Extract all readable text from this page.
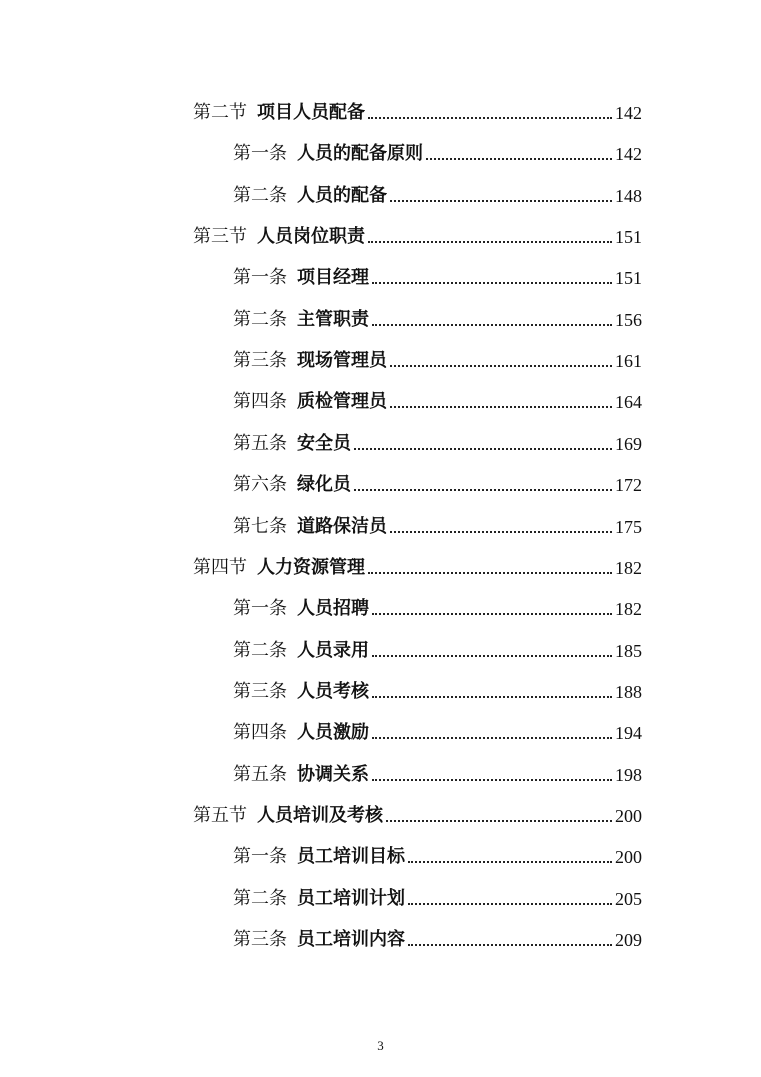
第二节 项目人员配备	142
第一条 人员的配备原则	142
第二条 人员的配备	148
第三节 人员岗位职责	151
第一条 项目经理	151
第二条 主管职责	156
第三条 现场管理员	161
第四条 质检管理员	164
第五条 安全员	169
第六条 绿化员	172
第七条 道路保洁员	175
第四节 人力资源管理	182
第一条 人员招聘	182
第二条 人员录用	185
第三条 人员考核	188
第四条 人员激励	194
第五条 协调关系	198
第五节 人员培训及考核	200
第一条 员工培训目标	200
第二条 员工培训计划	205
第三条 员工培训内容	209
3
